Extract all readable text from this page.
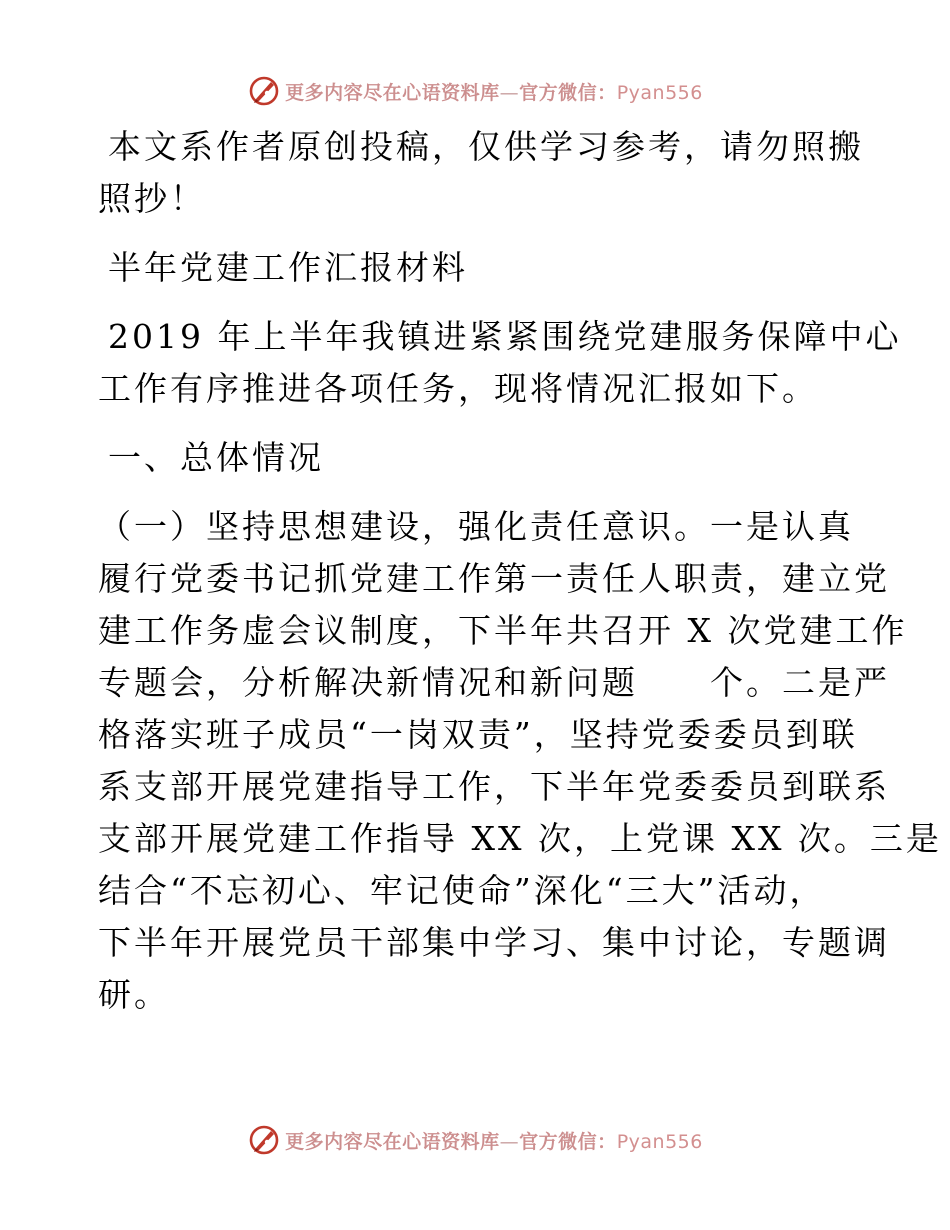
更多内容尽在心语资料库—官方微信：Pyan556

本文系作者原创投稿，仅供学习参考，请勿照搬

照抄！

半年党建工作汇报材料

2019 年上半年我镇进紧紧围绕党建服务保障中心

工作有序推进各项任务，现将情况汇报如下。

一、总体情况

（一）坚持思想建设，强化责任意识。一是认真

履行党委书记抓党建工作第一责任人职责，建立党

建工作务虚会议制度，下半年共召开 X 次党建工作

专题会，分析解决新情况和新问题　　个。二是严

格落实班子成员“一岗双责”，坚持党委委员到联

系支部开展党建指导工作，下半年党委委员到联系

支部开展党建工作指导 XX 次，上党课 XX 次。三是

结合“不忘初心、牢记使命”深化“三大”活动，

下半年开展党员干部集中学习、集中讨论，专题调

研。

更多内容尽在心语资料库—官方微信：Pyan556
